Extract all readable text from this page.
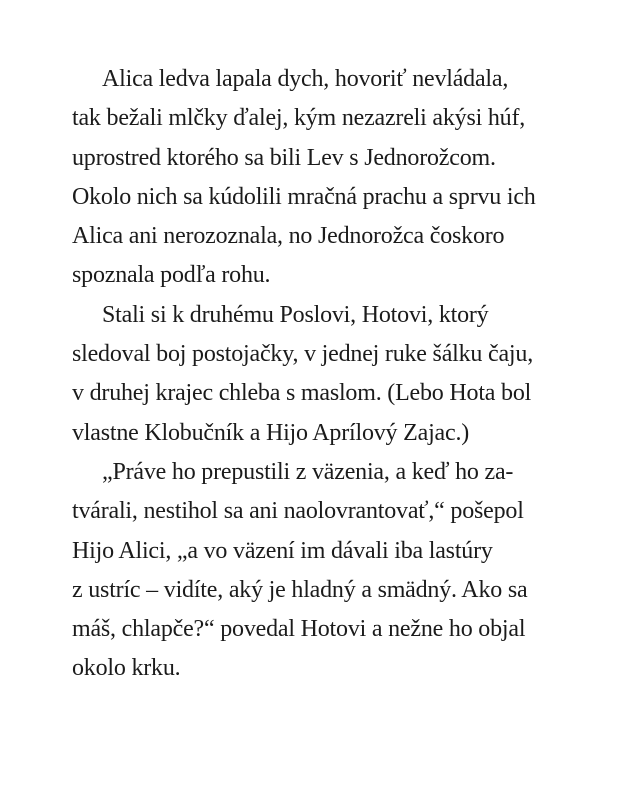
Alica ledva lapala dych, hovoriť nevládala,
tak bežali mlčky ďalej, kým nezazreli akýsi húf,
uprostred ktorého sa bili Lev s Jednorožcom.
Okolo nich sa kúdolili mračná prachu a sprvu ich
Alica ani nerozoznala, no Jednorožca čoskoro
spoznala podľa rohu.
Stali si k druhému Poslovi, Hotovi, ktorý
sledoval boj postojačky, v jednej ruke šálku čaju,
v druhej krajec chleba s maslom. (Lebo Hota bol
vlastne Klobučník a Hijo Aprílový Zajac.)
„Práve ho prepustili z väzenia, a keď ho za-
tvárali, nestihol sa ani naolovrantovať,“ pošepol
Hijo Alici, „a vo väzení im dávali iba lastúry
z ustríc – vidíte, aký je hladný a smädný. Ako sa
máš, chlapče?“ povedal Hotovi a nežne ho objal
okolo krku.
